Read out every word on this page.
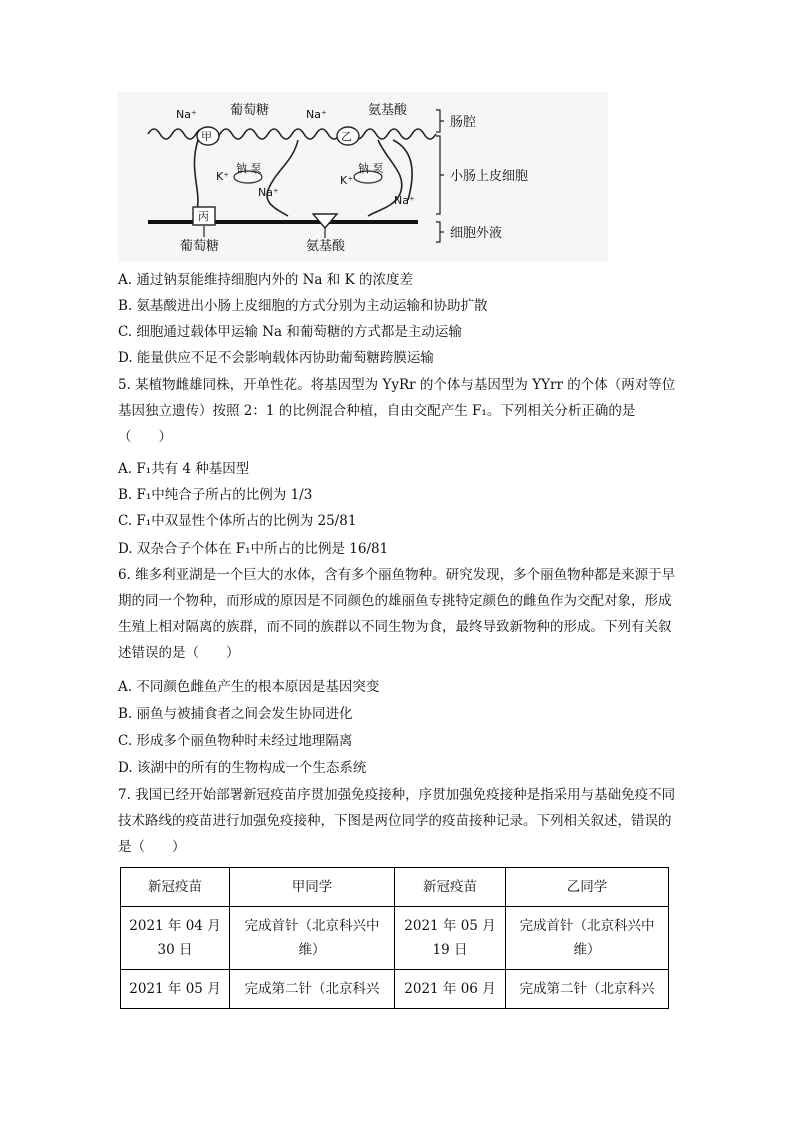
甲	乙
丙
Na⁺	葡萄糖	Na⁺	氨基酸
K⁺
钠 泵
Na⁺
K⁺
钠 泵
Na⁺
葡萄糖	氨基酸
肠腔
小肠上皮细胞
细胞外液
A. 通过钠泵能维持细胞内外的 Na 和 K 的浓度差
B. 氨基酸进出小肠上皮细胞的方式分别为主动运输和协助扩散
C. 细胞通过载体甲运输 Na 和葡萄糖的方式都是主动运输
D. 能量供应不足不会影响载体丙协助葡萄糖跨膜运输
5. 某植物雌雄同株，开单性花。将基因型为 YyRr 的个体与基因型为 YYrr 的个体（两对等位基因独立遗传）按照 2：1 的比例混合种植，自由交配产生 F₁。下列相关分析正确的是（　　）
A. F₁共有 4 种基因型
B. F₁中纯合子所占的比例为 1/3
C. F₁中双显性个体所占的比例为 25/81
D. 双杂合子个体在 F₁中所占的比例是 16/81
6. 维多利亚湖是一个巨大的水体，含有多个丽鱼物种。研究发现，多个丽鱼物种都是来源于早期的同一个物种，而形成的原因是不同颜色的雄丽鱼专挑特定颜色的雌鱼作为交配对象，形成生殖上相对隔离的族群，而不同的族群以不同生物为食，最终导致新物种的形成。下列有关叙述错误的是（　　）
A. 不同颜色雌鱼产生的根本原因是基因突变
B. 丽鱼与被捕食者之间会发生协同进化
C. 形成多个丽鱼物种时未经过地理隔离
D. 该湖中的所有的生物构成一个生态系统
7. 我国已经开始部署新冠疫苗序贯加强免疫接种，序贯加强免疫接种是指采用与基础免疫不同技术路线的疫苗进行加强免疫接种，下图是两位同学的疫苗接种记录。下列相关叙述，错误的是（　　）
新冠疫苗	甲同学	新冠疫苗	乙同学
2021 年 04 月 30 日	完成首针（北京科兴中维）	2021 年 05 月 19 日	完成首针（北京科兴中维）
2021 年 05 月	完成第二针（北京科兴	2021 年 06 月	完成第二针（北京科兴
